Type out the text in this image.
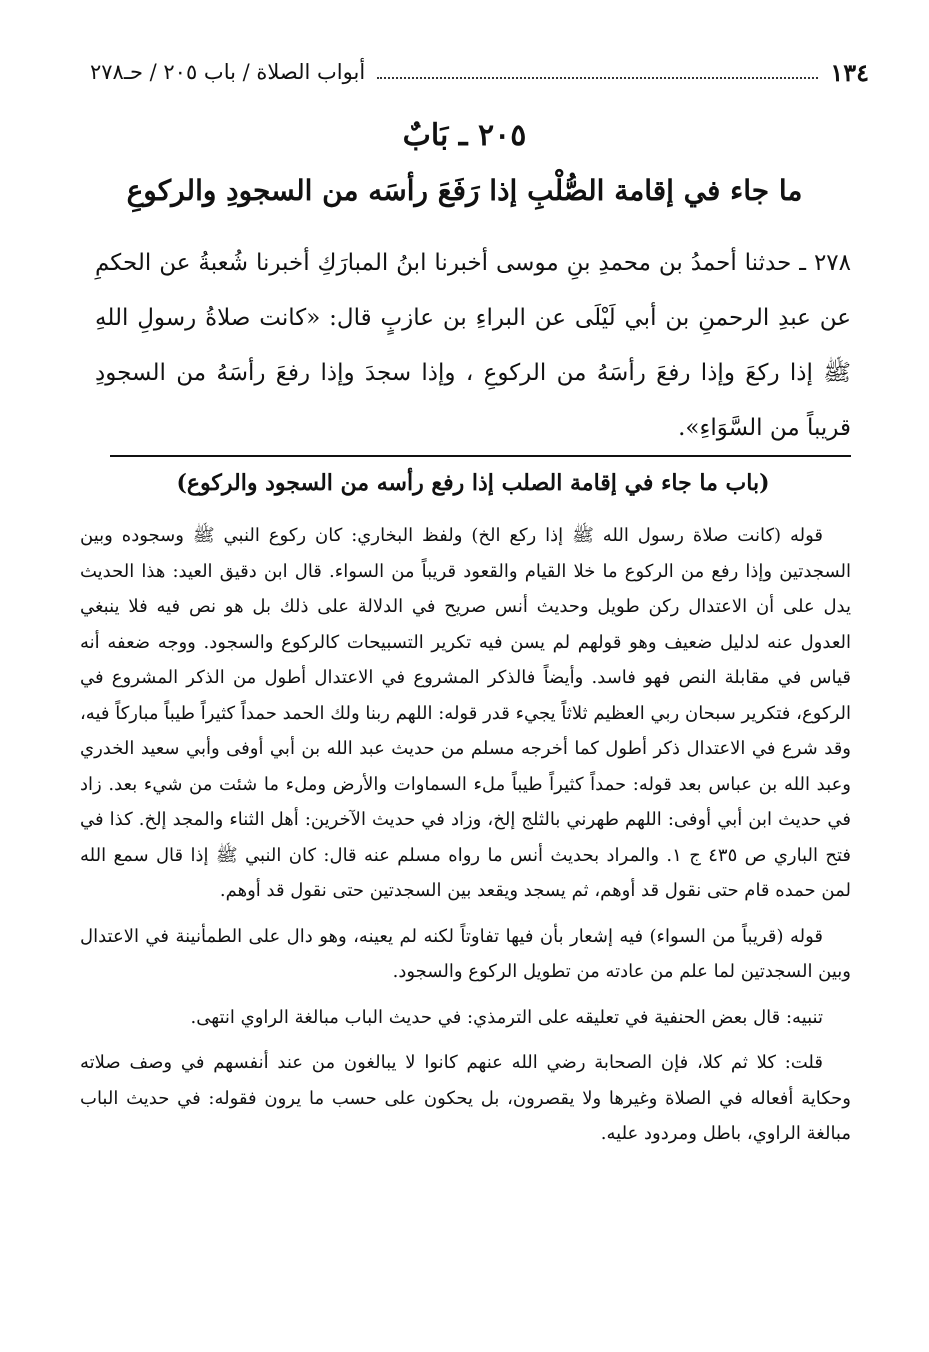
١٣٤
أبواب الصلاة / باب ٢٠٥ / حـ٢٧٨
٢٠٥ ـ بَابٌ
ما جاء في إقامة الصُّلْبِ إذا رَفَعَ رأسَه من السجودِ والركوعِ
٢٧٨ ـ حدثنا أحمدُ بن محمدِ بنِ موسى أخبرنا ابنُ المبارَكِ أخبرنا شُعبةُ عن الحكمِ عن عبدِ الرحمنِ بن أبي لَيْلَى عن البراءِ بن عازبٍ قال: «كانت صلاةُ رسولِ اللهِ ﷺ إذا ركعَ وإذا رفعَ رأسَهُ من الركوعِ ، وإذا سجدَ وإذا رفعَ رأسَهُ من السجودِ قريباً من السَّوَاءِ».
(باب ما جاء في إقامة الصلب إذا رفع رأسه من السجود والركوع)

قوله (كانت صلاة رسول الله ﷺ إذا ركع الخ) ولفظ البخاري: كان ركوع النبي ﷺ وسجوده وبين السجدتين وإذا رفع من الركوع ما خلا القيام والقعود قريباً من السواء. قال ابن دقيق العيد: هذا الحديث يدل على أن الاعتدال ركن طويل وحديث أنس صريح في الدلالة على ذلك بل هو نص فيه فلا ينبغي العدول عنه لدليل ضعيف وهو قولهم لم يسن فيه تكرير التسبيحات كالركوع والسجود. ووجه ضعفه أنه قياس في مقابلة النص فهو فاسد. وأيضاً فالذكر المشروع في الاعتدال أطول من الذكر المشروع في الركوع، فتكرير سبحان ربي العظيم ثلاثاً يجيء قدر قوله: اللهم ربنا ولك الحمد حمداً كثيراً طيباً مباركاً فيه، وقد شرع في الاعتدال ذكر أطول كما أخرجه مسلم من حديث عبد الله بن أبي أوفى وأبي سعيد الخدري وعبد الله بن عباس بعد قوله: حمداً كثيراً طيباً ملء السماوات والأرض وملء ما شئت من شيء بعد. زاد في حديث ابن أبي أوفى: اللهم طهرني بالثلج إلخ، وزاد في حديث الآخرين: أهل الثناء والمجد إلخ. كذا في فتح الباري ص ٤٣٥ ج ١. والمراد بحديث أنس ما رواه مسلم عنه قال: كان النبي ﷺ إذا قال سمع الله لمن حمده قام حتى نقول قد أوهم، ثم يسجد ويقعد بين السجدتين حتى نقول قد أوهم.

قوله (قريباً من السواء) فيه إشعار بأن فيها تفاوتاً لكنه لم يعينه، وهو دال على الطمأنينة في الاعتدال وبين السجدتين لما علم من عادته من تطويل الركوع والسجود.

تنبيه: قال بعض الحنفية في تعليقه على الترمذي: في حديث الباب مبالغة الراوي انتهى.

قلت: كلا ثم كلا، فإن الصحابة رضي الله عنهم كانوا لا يبالغون من عند أنفسهم في وصف صلاته وحكاية أفعاله في الصلاة وغيرها ولا يقصرون، بل يحكون على حسب ما يرون فقوله: في حديث الباب مبالغة الراوي، باطل ومردود عليه.
